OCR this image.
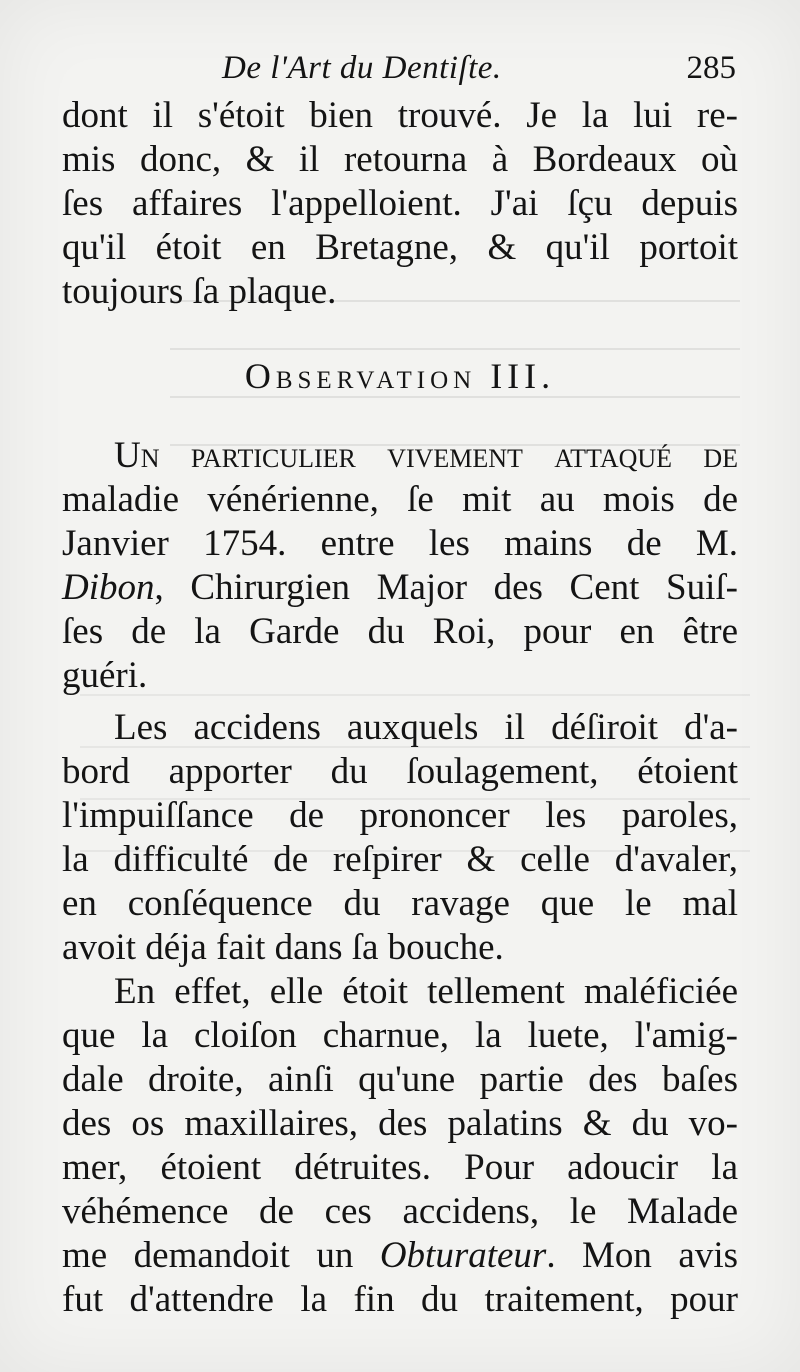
De l'Art du Dentiſte.	285
dont il s'étoit bien trouvé. Je la lui re-
mis donc, & il retourna à Bordeaux où
ſes affaires l'appelloient. J'ai ſçu depuis
qu'il étoit en Bretagne, & qu'il portoit
toujours ſa plaque.
Observation III.
Un particulier vivement attaqué de
maladie vénérienne, ſe mit au mois de
Janvier 1754. entre les mains de M.
Dibon, Chirurgien Major des Cent Suiſ-
ſes de la Garde du Roi, pour en être
guéri.
Les accidens auxquels il déſiroit d'a-
bord apporter du ſoulagement, étoient
l'impuiſſance de prononcer les paroles,
la difficulté de reſpirer & celle d'avaler,
en conſéquence du ravage que le mal
avoit déja fait dans ſa bouche.
En effet, elle étoit tellement maléficiée
que la cloiſon charnue, la luete, l'amig-
dale droite, ainſi qu'une partie des baſes
des os maxillaires, des palatins & du vo-
mer, étoient détruites. Pour adoucir la
véhémence de ces accidens, le Malade
me demandoit un Obturateur. Mon avis
fut d'attendre la fin du traitement, pour
